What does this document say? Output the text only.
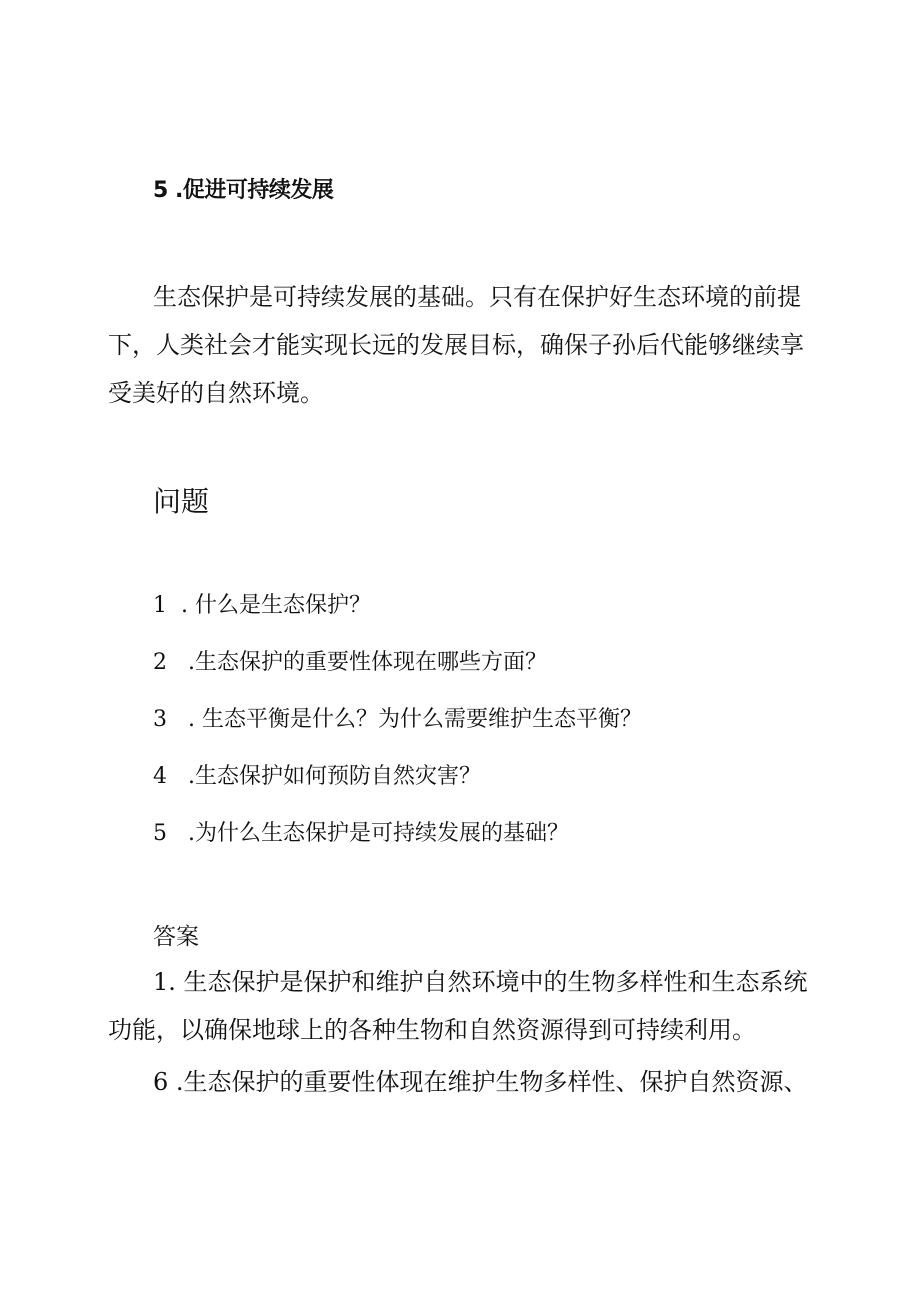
5 .促进可持续发展

生态保护是可持续发展的基础。只有在保护好生态环境的前提下，人类社会才能实现长远的发展目标，确保子孙后代能够继续享受美好的自然环境。

问题
1 . 什么是生态保护？
2 .生态保护的重要性体现在哪些方面？
3 . 生态平衡是什么？为什么需要维护生态平衡？
4 .生态保护如何预防自然灾害？
5 .为什么生态保护是可持续发展的基础？
答案

1. 生态保护是保护和维护自然环境中的生物多样性和生态系统功能，以确保地球上的各种生物和自然资源得到可持续利用。

6 .生态保护的重要性体现在维护生物多样性、保护自然资源、
